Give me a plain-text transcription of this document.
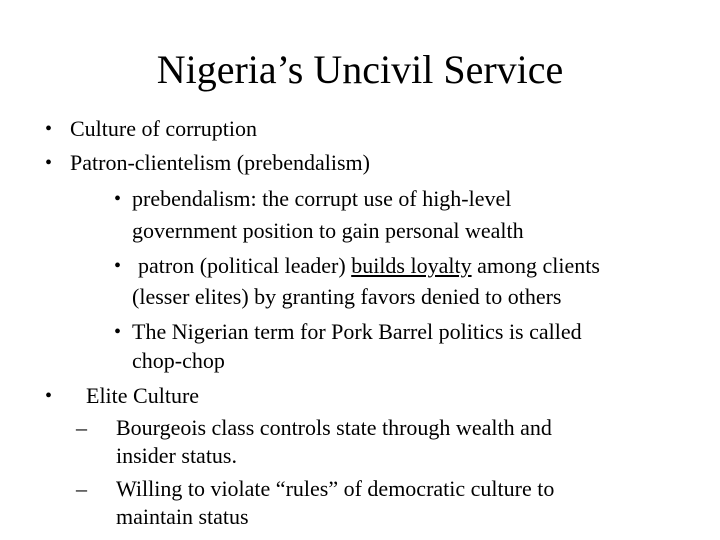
Nigeria’s Uncivil Service
• Culture of corruption
• Patron-clientelism (prebendalism)
• prebendalism: the corrupt use of high-level
government position to gain personal wealth
• patron (political leader) builds loyalty among clients
(lesser elites) by granting favors denied to others
• The Nigerian term for Pork Barrel politics is called
chop-chop
• Elite Culture
– Bourgeois class controls state through wealth and
insider status.
– Willing to violate “rules” of democratic culture to
maintain status
